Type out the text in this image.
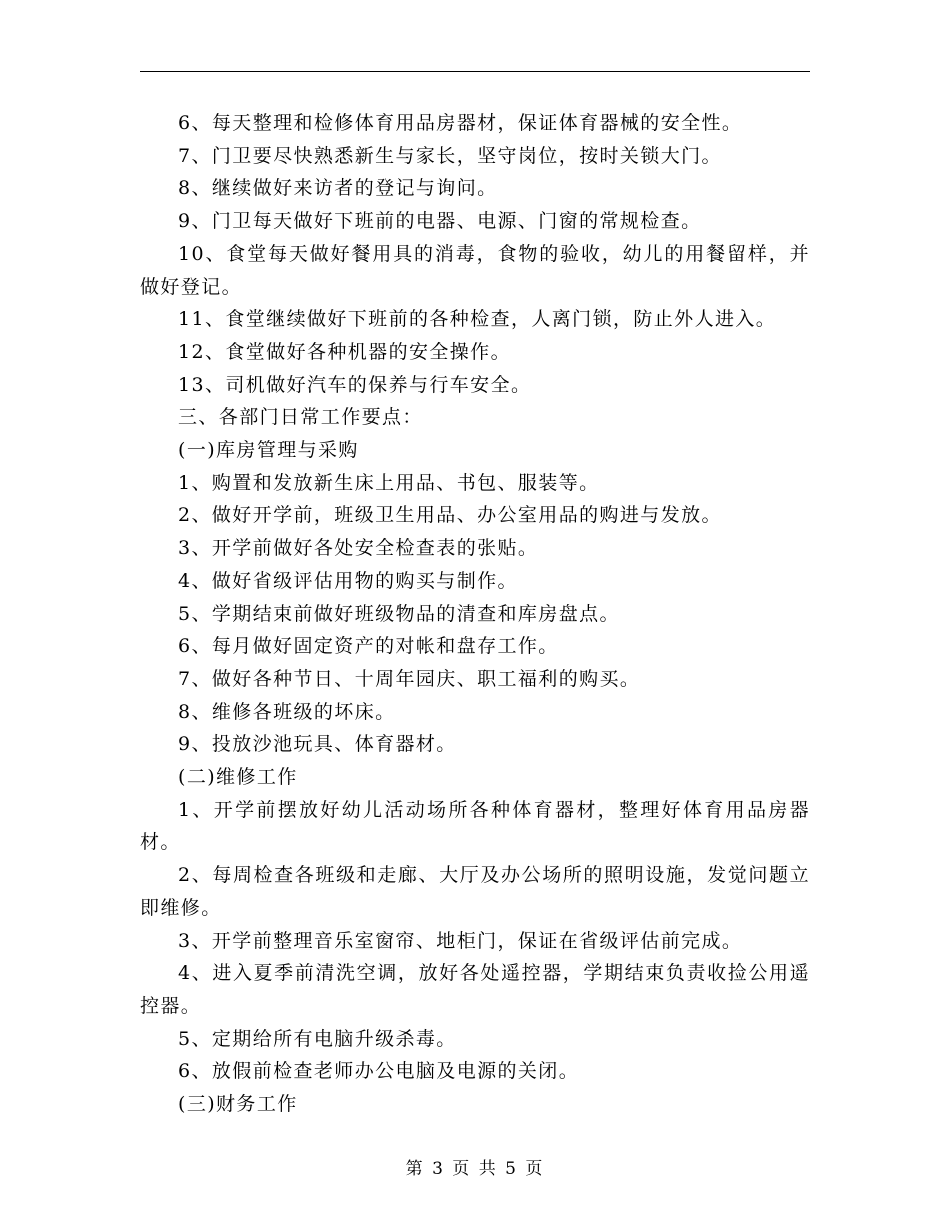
6、每天整理和检修体育用品房器材，保证体育器械的安全性。

7、门卫要尽快熟悉新生与家长，坚守岗位，按时关锁大门。

8、继续做好来访者的登记与询问。

9、门卫每天做好下班前的电器、电源、门窗的常规检查。

10、食堂每天做好餐用具的消毒，食物的验收，幼儿的用餐留样，并做好登记。

11、食堂继续做好下班前的各种检查，人离门锁，防止外人进入。

12、食堂做好各种机器的安全操作。

13、司机做好汽车的保养与行车安全。

三、各部门日常工作要点：

(一)库房管理与采购

1、购置和发放新生床上用品、书包、服装等。

2、做好开学前，班级卫生用品、办公室用品的购进与发放。

3、开学前做好各处安全检查表的张贴。

4、做好省级评估用物的购买与制作。

5、学期结束前做好班级物品的清查和库房盘点。

6、每月做好固定资产的对帐和盘存工作。

7、做好各种节日、十周年园庆、职工福利的购买。

8、维修各班级的坏床。

9、投放沙池玩具、体育器材。

(二)维修工作

1、开学前摆放好幼儿活动场所各种体育器材，整理好体育用品房器材。

2、每周检查各班级和走廊、大厅及办公场所的照明设施，发觉问题立即维修。

3、开学前整理音乐室窗帘、地柜门，保证在省级评估前完成。

4、进入夏季前清洗空调，放好各处遥控器，学期结束负责收捡公用遥控器。

5、定期给所有电脑升级杀毒。

6、放假前检查老师办公电脑及电源的关闭。

(三)财务工作

第 3 页 共 5 页
